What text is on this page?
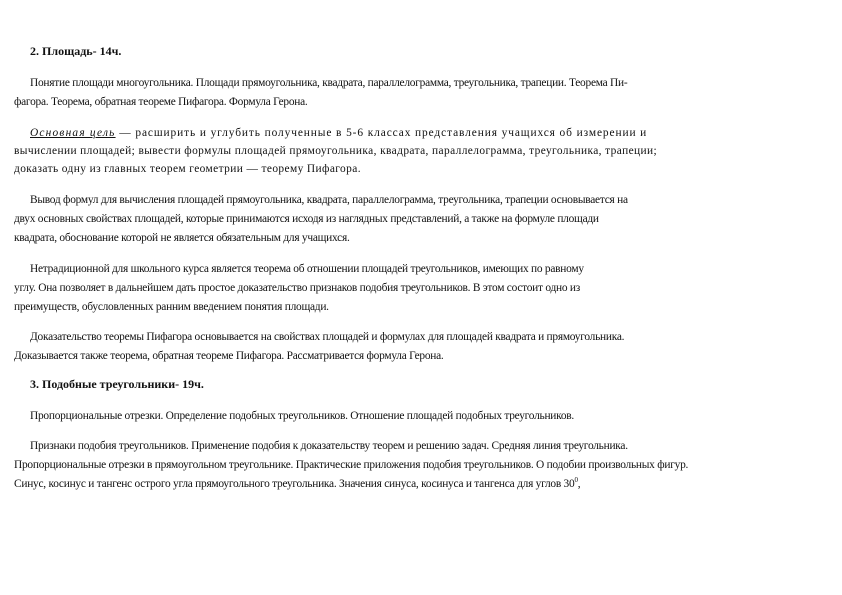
2. Площадь- 14ч.
Понятие площади многоугольника. Площади прямоугольника, квадрата, параллелограмма, треугольника, трапеции. Теорема Пи-
фагора. Теорема, обратная теореме Пифагора. Формула Герона.
Основная цель — расширить и углубить полученные в 5-6 классах представления учащихся об измерении и
вычислении площадей; вывести формулы площадей прямоугольника, квадрата, параллелограмма, треугольника, трапеции;
доказать одну из главных теорем геометрии — теорему Пифагора.
Вывод формул для вычисления площадей прямоугольника, квадрата, параллелограмма, треугольника, трапеции основывается на
двух основных свойствах площадей, которые принимаются исходя из наглядных представлений, а также на формуле площади
квадрата, обоснование которой не является обязательным для учащихся.
Нетрадиционной для школьного курса является теорема об отношении площадей треугольников, имеющих по равному
углу. Она позволяет в дальнейшем дать простое доказательство признаков подобия треугольников. В этом состоит одно из
преимуществ, обусловленных ранним введением понятия площади.
Доказательство теоремы Пифагора основывается на свойствах площадей и формулах для площадей квадрата и прямоугольника.
Доказывается также теорема, обратная теореме Пифагора. Рассматривается формула Герона.
3. Подобные треугольники- 19ч.
Пропорциональные отрезки. Определение подобных треугольников. Отношение площадей подобных треугольников.
Признаки подобия треугольников. Применение подобия к доказательству теорем и решению задач. Средняя линия треугольника.
Пропорциональные отрезки в прямоугольном треугольнике. Практические приложения подобия треугольников. О подобии произвольных фигур.
Синус, косинус и тангенс острого угла прямоугольного треугольника. Значения синуса, косинуса и тангенса для углов $30^0$,
